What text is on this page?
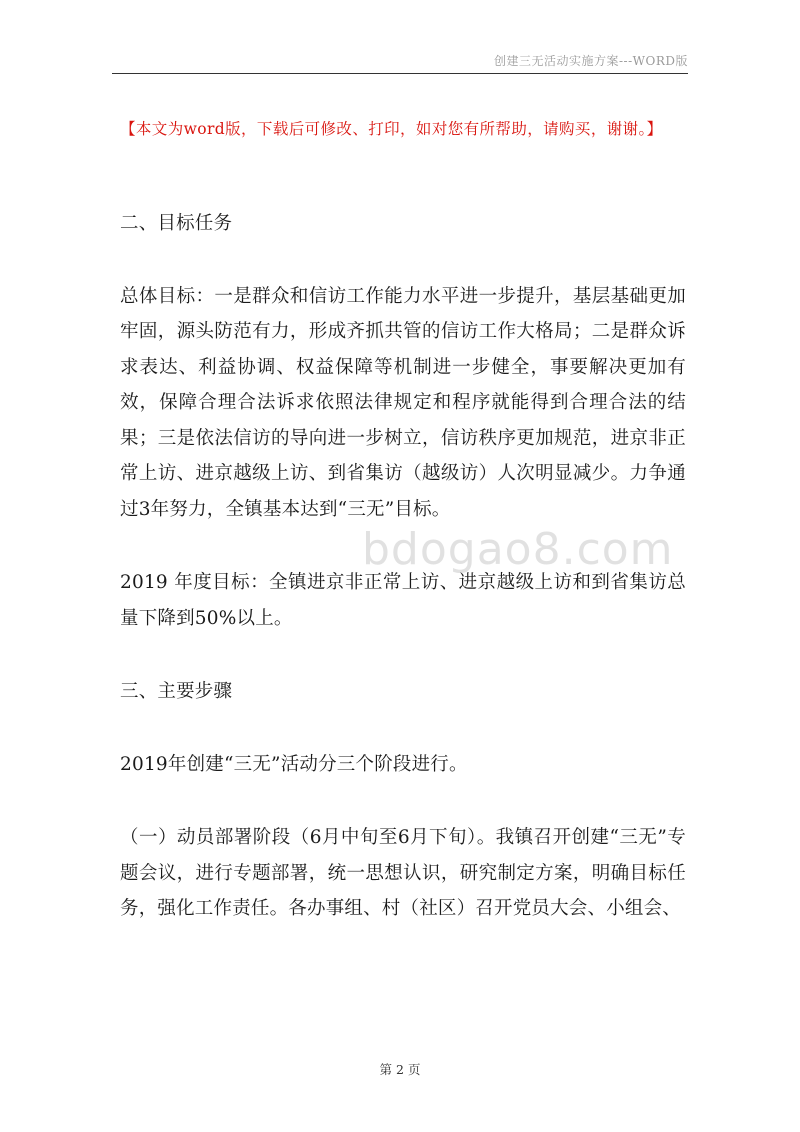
创建三无活动实施方案---WORD版
【本文为word版，下载后可修改、打印，如对您有所帮助，请购买，谢谢。】
bdogao8.com

二、目标任务

总体目标：一是群众和信访工作能力水平进一步提升，基层基础更加牢固，源头防范有力，形成齐抓共管的信访工作大格局；二是群众诉求表达、利益协调、权益保障等机制进一步健全，事要解决更加有效，保障合理合法诉求依照法律规定和程序就能得到合理合法的结果；三是依法信访的导向进一步树立，信访秩序更加规范，进京非正常上访、进京越级上访、到省集访（越级访）人次明显减少。力争通过3年努力，全镇基本达到“三无”目标。

2019 年度目标：全镇进京非正常上访、进京越级上访和到省集访总量下降到50%以上。

三、主要步骤

2019年创建“三无”活动分三个阶段进行。

（一）动员部署阶段（6月中旬至6月下旬）。我镇召开创建“三无”专题会议，进行专题部署，统一思想认识，研究制定方案，明确目标任务，强化工作责任。各办事组、村（社区）召开党员大会、小组会、

第 2 页
